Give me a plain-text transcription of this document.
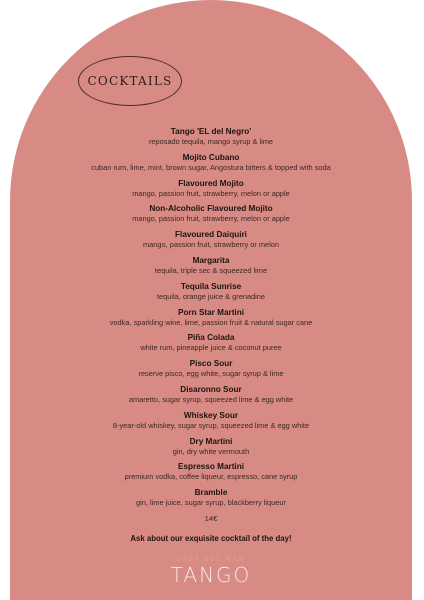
COCKTAILS
Tango 'EL del Negro'
reposado tequila, mango syrup & lime
Mojito Cubano
cuban rum, lime, mint, brown sugar, Angostura bitters & topped with soda
Flavoured Mojito
mango, passion fruit, strawberry, melon or apple
Non-Alcoholic Flavoured Mojito
mango, passion fruit, strawberry, melon or apple
Flavoured Daiquiri
mango, passion fruit, strawberry or melon
Margarita
tequila, triple sec & squeezed lime
Tequila Sunrise
tequila, orange juice & grenadine
Porn Star Martini
vodka, sparkling wine, lime, passion fruit & natural sugar cane
Piña Colada
white rum, pineapple juice & coconut puree
Pisco Sour
reserve pisco, egg white, sugar syrup & lime
Disaronno Sour
amaretto, sugar syrup, squeezed lime & egg white
Whiskey Sour
8-year-old whiskey, sugar syrup, squeezed lime & egg white
Dry Martini
gin, dry white vermouth
Espresso Martini
premium vodka, coffee liqueur, espresso, cane syrup
Bramble
gin, lime juice, sugar syrup, blackberry liqueur
14€
Ask about our exquisite cocktail of the day!
CAFE DEL MAR
TANGO
